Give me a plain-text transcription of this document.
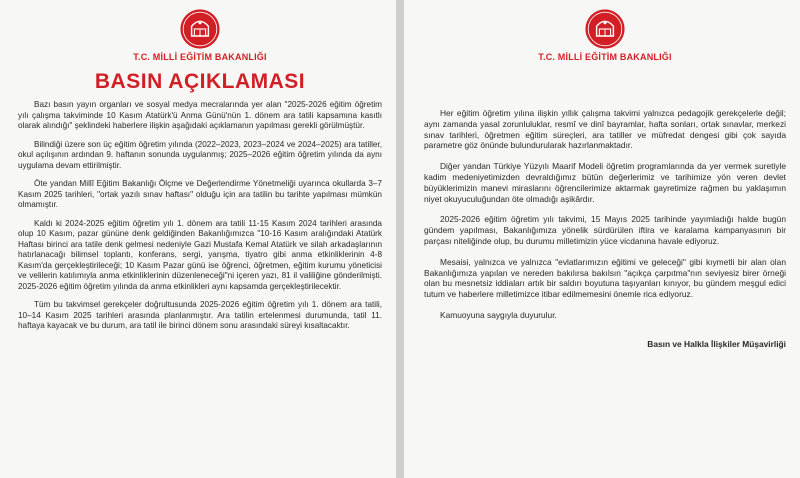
T.C. MİLLİ EĞİTİM BAKANLIĞI
BASIN AÇIKLAMASI

Bazı basın yayın organları ve sosyal medya mecralarında yer alan "2025-2026 eğitim öğretim yılı çalışma takviminde 10 Kasım Atatürk'ü Anma Günü'nün 1. dönem ara tatili kapsamına kasıtlı olarak alındığı" şeklindeki haberlere ilişkin aşağıdaki açıklamanın yapılması gerekli görülmüştür.

Bilindiği üzere son üç eğitim öğretim yılında (2022–2023, 2023–2024 ve 2024–2025) ara tatiller, okul açılışının ardından 9. haftanın sonunda uygulanmış; 2025–2026 eğitim öğretim yılında da aynı uygulama devam ettirilmiştir.

Öte yandan Millî Eğitim Bakanlığı Ölçme ve Değerlendirme Yönetmeliği uyarınca okullarda 3–7 Kasım 2025 tarihleri, "ortak yazılı sınav haftası" olduğu için ara tatilin bu tarihte yapılması mümkün olmamıştır.

Kaldı ki 2024-2025 eğitim öğretim yılı 1. dönem ara tatili 11-15 Kasım 2024 tarihleri arasında olup 10 Kasım, pazar gününe denk geldiğinden Bakanlığımızca "10-16 Kasım aralığındaki Atatürk Haftası birinci ara tatile denk gelmesi nedeniyle Gazi Mustafa Kemal Atatürk ve silah arkadaşlarının hatırlanacağı bilimsel toplantı, konferans, sergi, yarışma, tiyatro gibi anma etkinliklerinin 4-8 Kasım'da gerçekleştirileceği; 10 Kasım Pazar günü ise öğrenci, öğretmen, eğitim kurumu yöneticisi ve velilerin katılımıyla anma etkinliklerinin düzenleneceği"ni içeren yazı, 81 il valiliğine gönderilmişti. 2025-2026 eğitim öğretim yılında da anma etkinlikleri aynı kapsamda gerçekleştirilecektir.

Tüm bu takvimsel gerekçeler doğrultusunda 2025-2026 eğitim öğretim yılı 1. dönem ara tatili, 10–14 Kasım 2025 tarihleri arasında planlanmıştır. Ara tatilin ertelenmesi durumunda, tatil 11. haftaya kayacak ve bu durum, ara tatil ile birinci dönem sonu arasındaki süreyi kısaltacaktır.

T.C. MİLLİ EĞİTİM BAKANLIĞI

Her eğitim öğretim yılına ilişkin yıllık çalışma takvimi yalnızca pedagojik gerekçelerle değil; aynı zamanda yasal zorunluluklar, resmî ve dinî bayramlar, hafta sonları, ortak sınavlar, merkezi sınav tarihleri, öğretmen eğitim süreçleri, ara tatiller ve müfredat dengesi gibi çok sayıda parametre göz önünde bulundurularak hazırlanmaktadır.

Diğer yandan Türkiye Yüzyılı Maarif Modeli öğretim programlarında da yer vermek suretiyle kadim medeniyetimizden devraldığımız bütün değerlerimiz ve tarihimize yön veren devlet büyüklerimizin manevi miraslarını öğrencilerimize aktarmak gayretimize rağmen bu yaklaşımın niyet okuyuculuğundan öte olmadığı aşikârdır.

2025-2026 eğitim öğretim yılı takvimi, 15 Mayıs 2025 tarihinde yayımladığı halde bugün gündem yapılması, Bakanlığımıza yönelik sürdürülen iftira ve karalama kampanyasının bir parçası niteliğinde olup, bu durumu milletimizin yüce vicdanına havale ediyoruz.

Mesaisi, yalnızca ve yalnızca "evlatlarımızın eğitimi ve geleceği" gibi kıymetli bir alan olan Bakanlığımıza yapılan ve nereden bakılırsa bakılsın "açıkça çarpıtma"nın seviyesiz birer örneği olan bu mesnetsiz iddiaları artık bir saldırı boyutuna taşıyanları kınıyor, bu gündem meşgul edici tutum ve haberlere milletimizce itibar edilmemesini önemle rica ediyoruz.

Kamuoyuna saygıyla duyurulur.

Basın ve Halkla İlişkiler Müşavirliği
